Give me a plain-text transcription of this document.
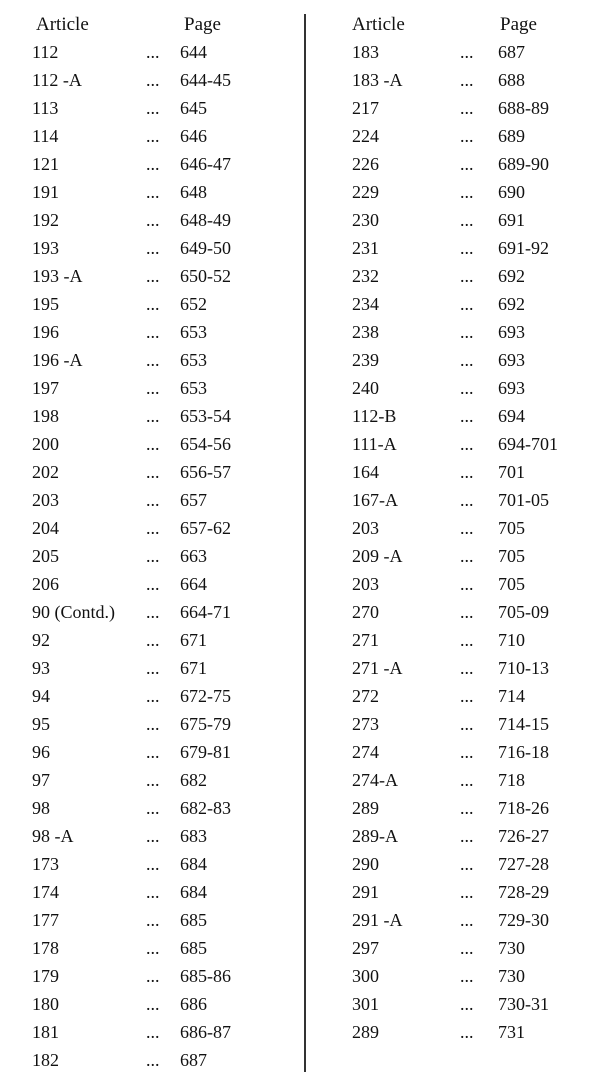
Article	Page
112	... 644
112 -A	... 644-45
113	... 645
114	... 646
121	... 646-47
191	... 648
192	... 648-49
193	... 649-50
193 -A	... 650-52
195	... 652
196	... 653
196 -A	... 653
197	... 653
198	... 653-54
200	... 654-56
202	... 656-57
203	... 657
204	... 657-62
205	... 663
206	... 664
90 (Contd.) ... 664-71
92	... 671
93	... 671
94	... 672-75
95	... 675-79
96	... 679-81
97	... 682
98	... 682-83
98 -A	... 683
173	... 684
174	... 684
177	... 685
178	... 685
179	... 685-86
180	... 686
181	... 686-87
182	... 687
Article	Page
183	... 687
183 -A	... 688
217	... 688-89
224	... 689
226	... 689-90
229	... 690
230	... 691
231	... 691-92
232	... 692
234	... 692
238	... 693
239	... 693
240	... 693
112-B	... 694
111-A	... 694-701
164	... 701
167-A	... 701-05
203	... 705
209 -A	... 705
203	... 705
270	... 705-09
271	... 710
271 -A	... 710-13
272	... 714
273	... 714-15
274	... 716-18
274-A	... 718
289	... 718-26
289-A	... 726-27
290	... 727-28
291	... 728-29
291 -A	... 729-30
297	... 730
300	... 730
301	... 730-31
289	... 731
